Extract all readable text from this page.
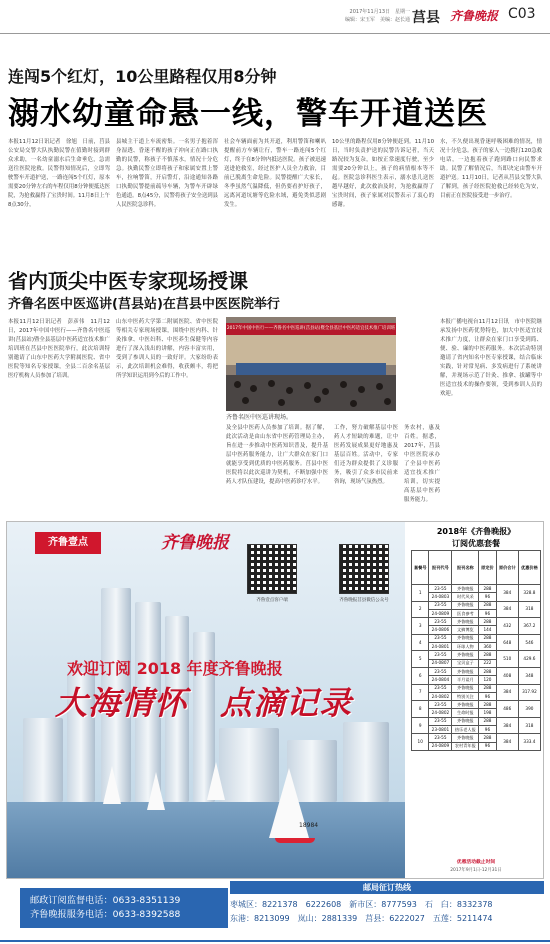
2017年11月13日　星期一
编辑：宋玉军　美编：赵长通 莒县 齐鲁晚报 C03
连闯5个红灯，10公里路程仅用8分钟
溺水幼童命悬一线，警车开道送医
本报11月12日讯记者　徐旭　日前，莒县公安局交警大队执勤民警在值勤时接到群众求助，一名幼童溺水后生命垂危，急需送往医院抢救。民警得知情况后，立即驾驶警车开道护送，一路连闯5个红灯，原本需要20分钟左右的车程仅用8分钟便抵达医院，为抢救赢得了宝贵时间。11月8日上午8点30分，
县城主干道上车流密集。一名男子抱着浑身湿透、昏迷不醒的孩子冲向正在路口执勤的民警，称孩子不慎落水，情况十分危急。执勤民警立即将孩子和家属安置上警车，拉响警笛，开启警灯，沿途通知各路口执勤民警提前疏导车辆，为警车开辟绿色通道。8点45分，民警将孩子安全送到县人民医院急诊科。
社会车辆面前为其开道，利用警笛和喇叭提醒前方车辆让行，警车一路连闯5个红灯，终于在8分钟内抵达医院。孩子被迅速送进抢救室，经过医护人员全力救治，目前已脱离生命危险。民警提醒广大家长，冬季虽然气温降低，但仍要看护好孩子，远离河道坑塘等危险水域，避免类似悲剧发生。
10公里的路程仅用8分钟便赶到。11月10日，当时负责护送的民警告诉记者，当天路况较为复杂，如按正常速度行驶，至少需要20分钟以上，孩子的病情根本等不起。医院急诊科医生表示，溺水患儿送医越早越好，此次救治及时，为抢救赢得了宝贵时间，孩子家属对民警表示了衷心的感谢。
水，不久便出现昏迷呼吸困难的情况，情况十分危急。孩子的家人一边拨打120急救电话，一边抱着孩子跑到路口向民警求助。民警了解情况后，当即决定由警车开道护送。11月10日，记者从莒县交警大队了解到，孩子经医院抢救已经转危为安，目前正在医院接受进一步治疗。
省内顶尖中医专家现场授课
齐鲁名医中医巡讲(莒县站)在莒县中医医院举行
本报11月12日讯记者　彭彦伟　11月12日，2017年中国中医行——齐鲁名中医巡讲(莒县站)暨全县基层中医药适宜技术推广培训班在莒县中医医院举行，此次培训特别邀请了山东中医药大学附属医院、省中医院等知名专家授课，全县二百余名基层医疗机构人员参加了培训。
山东中医药大学第二附属医院、省中医院等相关专家现场授课，围绕中医内科、针灸推拿、中医妇科、中医养生保健等内容进行了深入浅出的讲解，内容丰富实用，受到了参训人员的一致好评。大家纷纷表示，此次培训机会难得，收获颇丰，将把所学知识运用到今后的工作中。
及全县中医药人员参加了培训。据了解，此次活动是由山东省中医药管理局主办，旨在进一步推动中医药知识普及，提升基层中医药服务能力，让广大群众在家门口就能享受到优质的中医药服务。莒县中医医院将以此次巡讲为契机，不断加强中医药人才队伍建设，提高中医药诊疗水平。
工作，努力破解基层中医药人才短缺的难题，让中医药发展成果更好地惠及基层百姓。活动中，专家们还为群众提供了义诊服务，吸引了众多市民前来咨询，现场气氛热烈。
务农村，惠及百姓。据悉，2017年，莒县中医医院承办了全县中医药适宜技术推广培训，切实提高基层中医药服务能力。
本报广播电视台11月12日讯　市中医院继承发扬中医药优势特色，加大中医适宜技术推广力度，让群众在家门口享受到简、便、验、廉的中医药服务。本次活动特别邀请了省内知名中医专家授课，结合临床实践，针对常见病、多发病进行了系统讲解，并现场示范了针灸、推拿、拔罐等中医适宜技术的操作要领，受到参训人员的欢迎。
2017年中国中医行——齐鲁名中医巡讲(莒县站)暨全县基层中医药适宜技术推广培训班
齐鲁名医中医巡讲现场。
齐鲁壹点	齐鲁晚报
齐鲁壹点客户端	齐鲁晚报莒县微信公众号
18984
欢迎订阅 2018 年度齐鲁晚报
大海情怀　点滴记录
2018年《齐鲁晚报》
订阅优惠套餐
套餐号	报刊代号	报刊名称	原定价	原价合计	优惠价格
1	23-55	齐鲁晚报	288	384	328.8
	24-0803	时代风采	96		
2	23-55	齐鲁晚报	288	384	318
	24-0809	医食参考	96		
3	23-55	齐鲁晚报	288	432	367.2
	24-0806	文摘博览	144		
4	23-55	齐鲁晚报	288	648	546
	24-0801	环球人物	360		
5	23-55	齐鲁晚报	288	510	429.6
	24-0807	宝贝盒子	222		
6	23-55	齐鲁晚报	288	408	348
	24-0804	半月谈月	120		
7	23-55	齐鲁晚报	288	384	317.92
	24-0802	特别关注	96		
8	23-55	齐鲁晚报	288	486	390
	24-0802	生命时报	198		
9	23-55	齐鲁晚报	288	384	318
	23-0801	热乐老人报	96		
10	23-55	齐鲁晚报	288	384	333.4
	24-0809	农村青年报	96		
优惠活动截止时间
2017年9月1日-12月31日
邮政订阅监督电话：0633-8351139
齐鲁晚报服务电话：0633-8392588
邮局征订热线
枣城区：8221378　6222608　新市区：8777593　石　臼：8332378
东港：8213099　岚山：2881339　莒县：6222027　五莲：5211474
